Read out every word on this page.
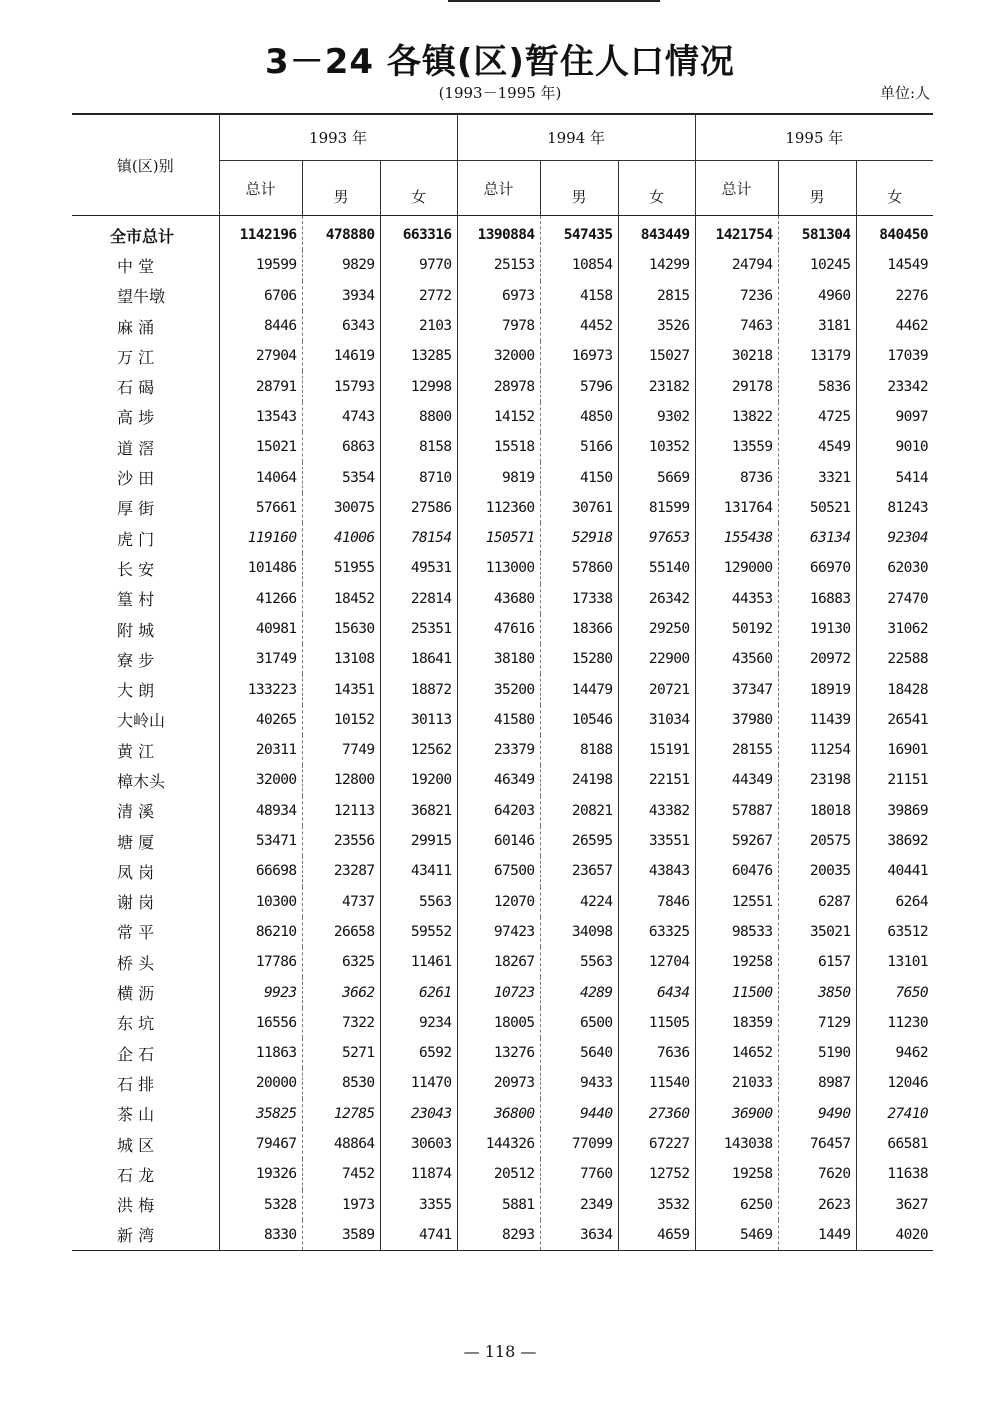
3－24 各镇(区)暂住人口情况
(1993－1995 年)	单位:人
镇(区)别	1993 年			1994 年			1995 年		
	总计	男	女	总计	男	女	总计	男	女
全市总计	1142196	478880	663316	1390884	547435	843449	1421754	581304	840450
中 堂	19599	9829	9770	25153	10854	14299	24794	10245	14549
望牛墩	6706	3934	2772	6973	4158	2815	7236	4960	2276
麻 涌	8446	6343	2103	7978	4452	3526	7463	3181	4462
万 江	27904	14619	13285	32000	16973	15027	30218	13179	17039
石 碣	28791	15793	12998	28978	5796	23182	29178	5836	23342
高 埗	13543	4743	8800	14152	4850	9302	13822	4725	9097
道 滘	15021	6863	8158	15518	5166	10352	13559	4549	9010
沙 田	14064	5354	8710	9819	4150	5669	8736	3321	5414
厚 街	57661	30075	27586	112360	30761	81599	131764	50521	81243
虎 门	119160	41006	78154	150571	52918	97653	155438	63134	92304
长 安	101486	51955	49531	113000	57860	55140	129000	66970	62030
篁 村	41266	18452	22814	43680	17338	26342	44353	16883	27470
附 城	40981	15630	25351	47616	18366	29250	50192	19130	31062
寮 步	31749	13108	18641	38180	15280	22900	43560	20972	22588
大 朗	133223	14351	18872	35200	14479	20721	37347	18919	18428
大岭山	40265	10152	30113	41580	10546	31034	37980	11439	26541
黄 江	20311	7749	12562	23379	8188	15191	28155	11254	16901
樟木头	32000	12800	19200	46349	24198	22151	44349	23198	21151
清 溪	48934	12113	36821	64203	20821	43382	57887	18018	39869
塘 厦	53471	23556	29915	60146	26595	33551	59267	20575	38692
凤 岗	66698	23287	43411	67500	23657	43843	60476	20035	40441
谢 岗	10300	4737	5563	12070	4224	7846	12551	6287	6264
常 平	86210	26658	59552	97423	34098	63325	98533	35021	63512
桥 头	17786	6325	11461	18267	5563	12704	19258	6157	13101
横 沥	9923	3662	6261	10723	4289	6434	11500	3850	7650
东 坑	16556	7322	9234	18005	6500	11505	18359	7129	11230
企 石	11863	5271	6592	13276	5640	7636	14652	5190	9462
石 排	20000	8530	11470	20973	9433	11540	21033	8987	12046
茶 山	35825	12785	23043	36800	9440	27360	36900	9490	27410
城 区	79467	48864	30603	144326	77099	67227	143038	76457	66581
石 龙	19326	7452	11874	20512	7760	12752	19258	7620	11638
洪 梅	5328	1973	3355	5881	2349	3532	6250	2623	3627
新 湾	8330	3589	4741	8293	3634	4659	5469	1449	4020
— 118 —
